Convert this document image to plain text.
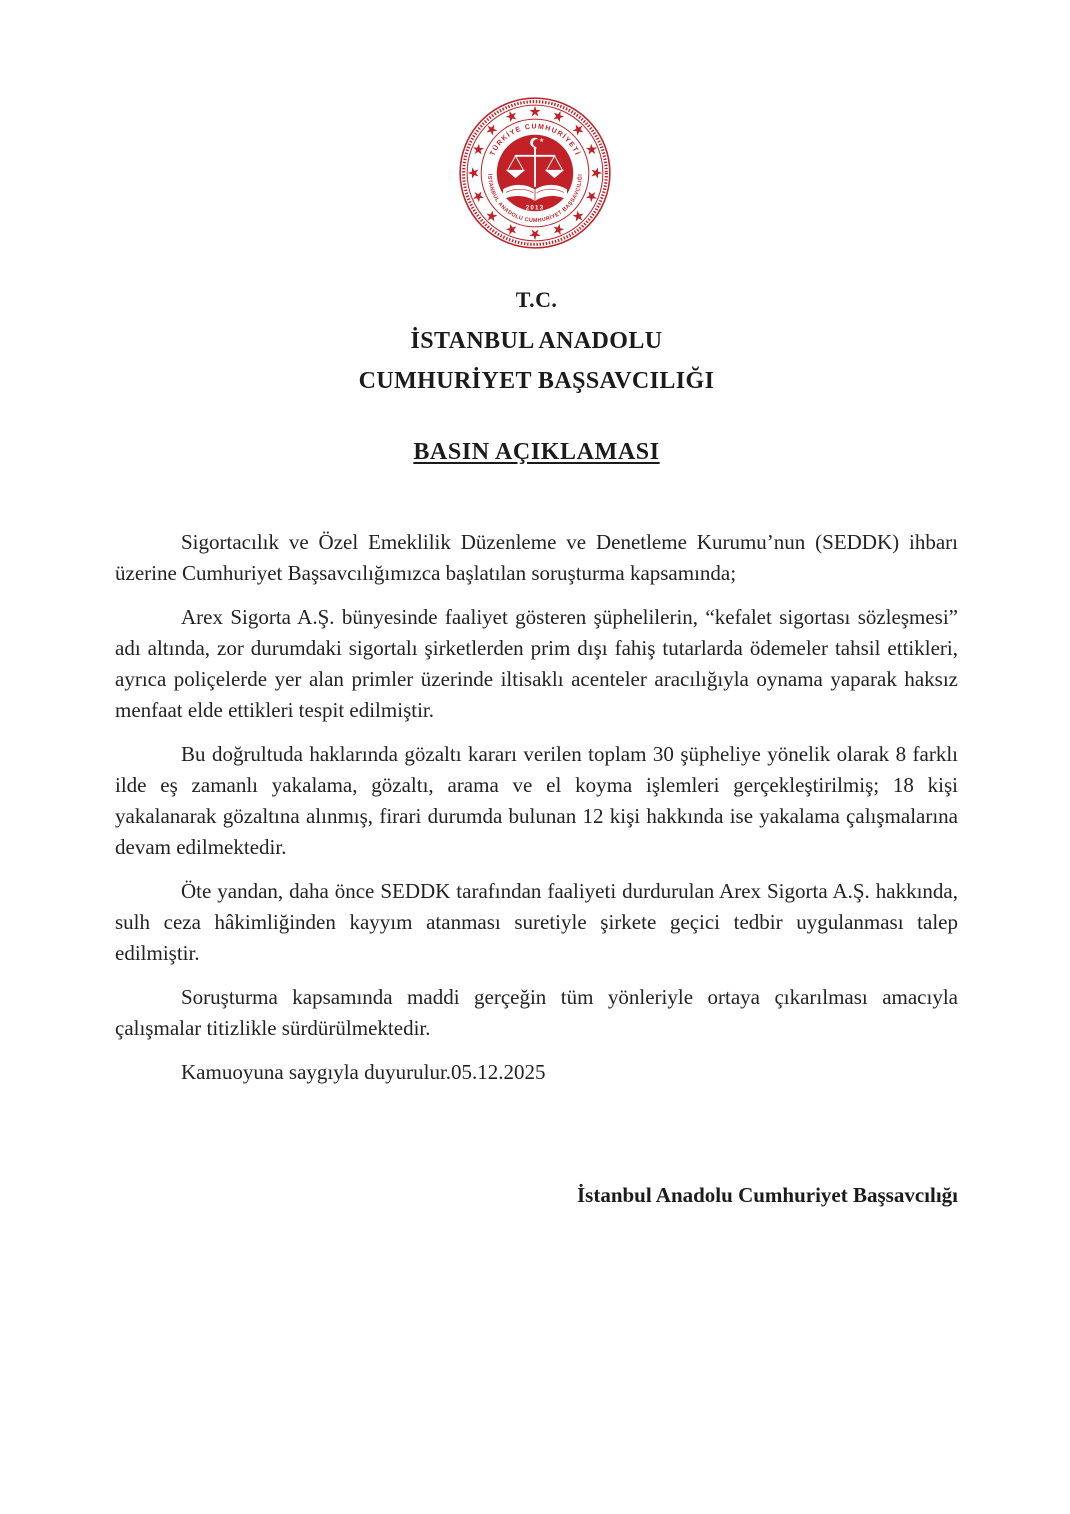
TÜRKİYE CUMHURİYETİ
İSTANBUL ANADOLU CUMHURİYET BAŞSAVCILIĞI
2013
T.C.
İSTANBUL ANADOLU
CUMHURİYET BAŞSAVCILIĞI
BASIN AÇIKLAMASI

Sigortacılık ve Özel Emeklilik Düzenleme ve Denetleme Kurumu’nun (SEDDK) ihbarı üzerine Cumhuriyet Başsavcılığımızca başlatılan soruşturma kapsamında;

Arex Sigorta A.Ş. bünyesinde faaliyet gösteren şüphelilerin, “kefalet sigortası sözleşmesi” adı altında, zor durumdaki sigortalı şirketlerden prim dışı fahiş tutarlarda ödemeler tahsil ettikleri, ayrıca poliçelerde yer alan primler üzerinde iltisaklı acenteler aracılığıyla oynama yaparak haksız menfaat elde ettikleri tespit edilmiştir.

Bu doğrultuda haklarında gözaltı kararı verilen toplam 30 şüpheliye yönelik olarak 8 farklı ilde eş zamanlı yakalama, gözaltı, arama ve el koyma işlemleri gerçekleştirilmiş; 18 kişi yakalanarak gözaltına alınmış, firari durumda bulunan 12 kişi hakkında ise yakalama çalışmalarına devam edilmektedir.

Öte yandan, daha önce SEDDK tarafından faaliyeti durdurulan Arex Sigorta A.Ş. hakkında, sulh ceza hâkimliğinden kayyım atanması suretiyle şirkete geçici tedbir uygulanması talep edilmiştir.

Soruşturma kapsamında maddi gerçeğin tüm yönleriyle ortaya çıkarılması amacıyla çalışmalar titizlikle sürdürülmektedir.

Kamuoyuna saygıyla duyurulur.05.12.2025

İstanbul Anadolu Cumhuriyet Başsavcılığı
